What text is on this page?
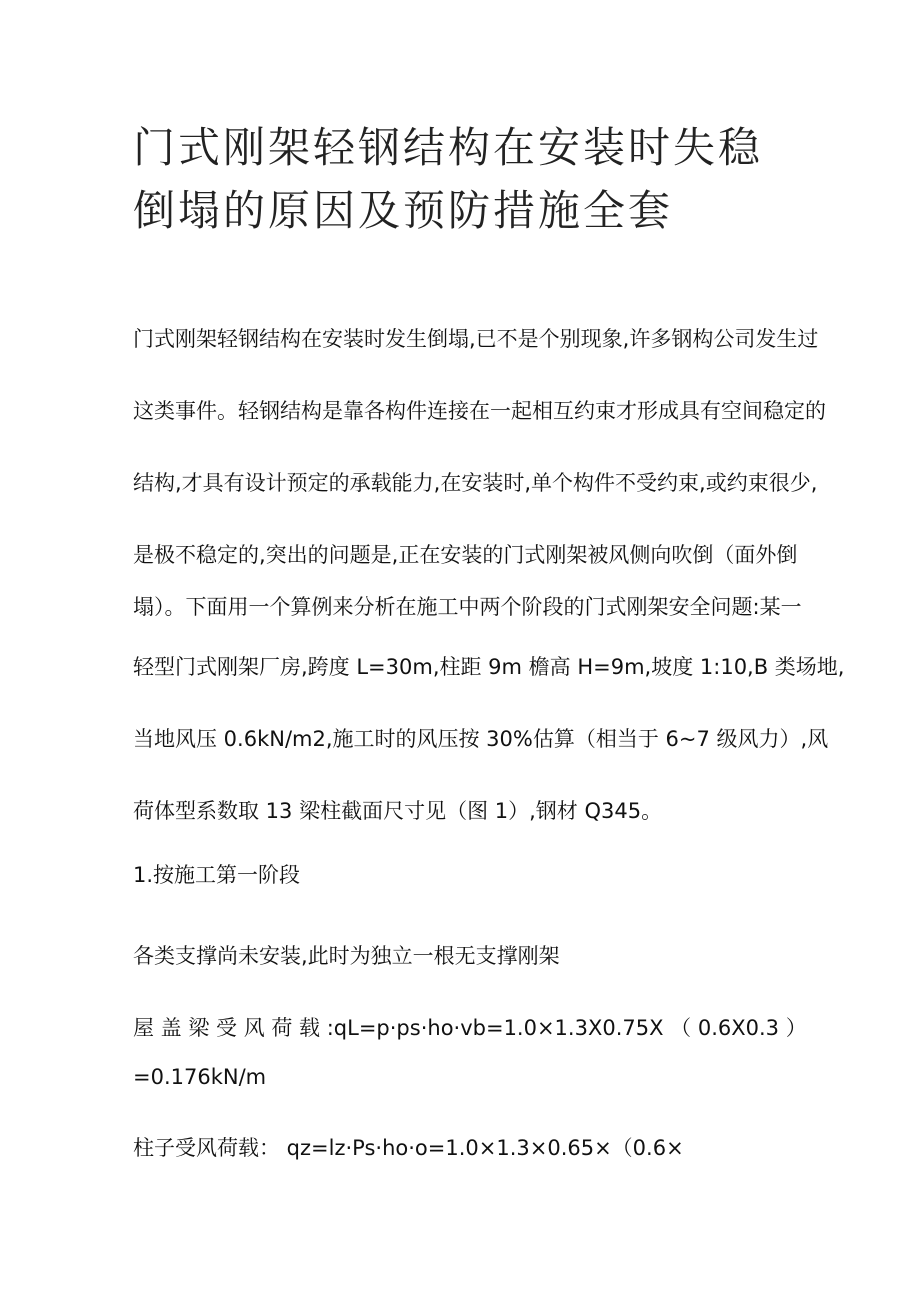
门式刚架轻钢结构在安装时失稳倒塌的原因及预防措施全套
门式刚架轻钢结构在安装时发生倒塌,已不是个别现象,许多钢构公司发生过
这类事件。轻钢结构是靠各构件连接在一起相互约束才形成具有空间稳定的
结构,才具有设计预定的承载能力,在安装时,单个构件不受约束,或约束很少,
是极不稳定的,突出的问题是,正在安装的门式刚架被风侧向吹倒（面外倒
塌）。下面用一个算例来分析在施工中两个阶段的门式刚架安全问题:某一
轻型门式刚架厂房,跨度 L=30m,柱距 9m 檐高 H=9m,坡度 1:10,B 类场地,
当地风压 0.6kN/m2,施工时的风压按 30%估算（相当于 6~7 级风力）,风
荷体型系数取 13 梁柱截面尺寸见（图 1）,钢材 Q345。
1.按施工第一阶段
各类支撑尚未安装,此时为独立一根无支撑刚架
屋 盖 梁 受 风 荷 载 :qL=p·ps·ho·vb=1.0×1.3X0.75X （ 0.6X0.3 ）
=0.176kN/m
柱子受风荷载： qz=lz·Ps·ho·o=1.0×1.3×0.65×（0.6×
